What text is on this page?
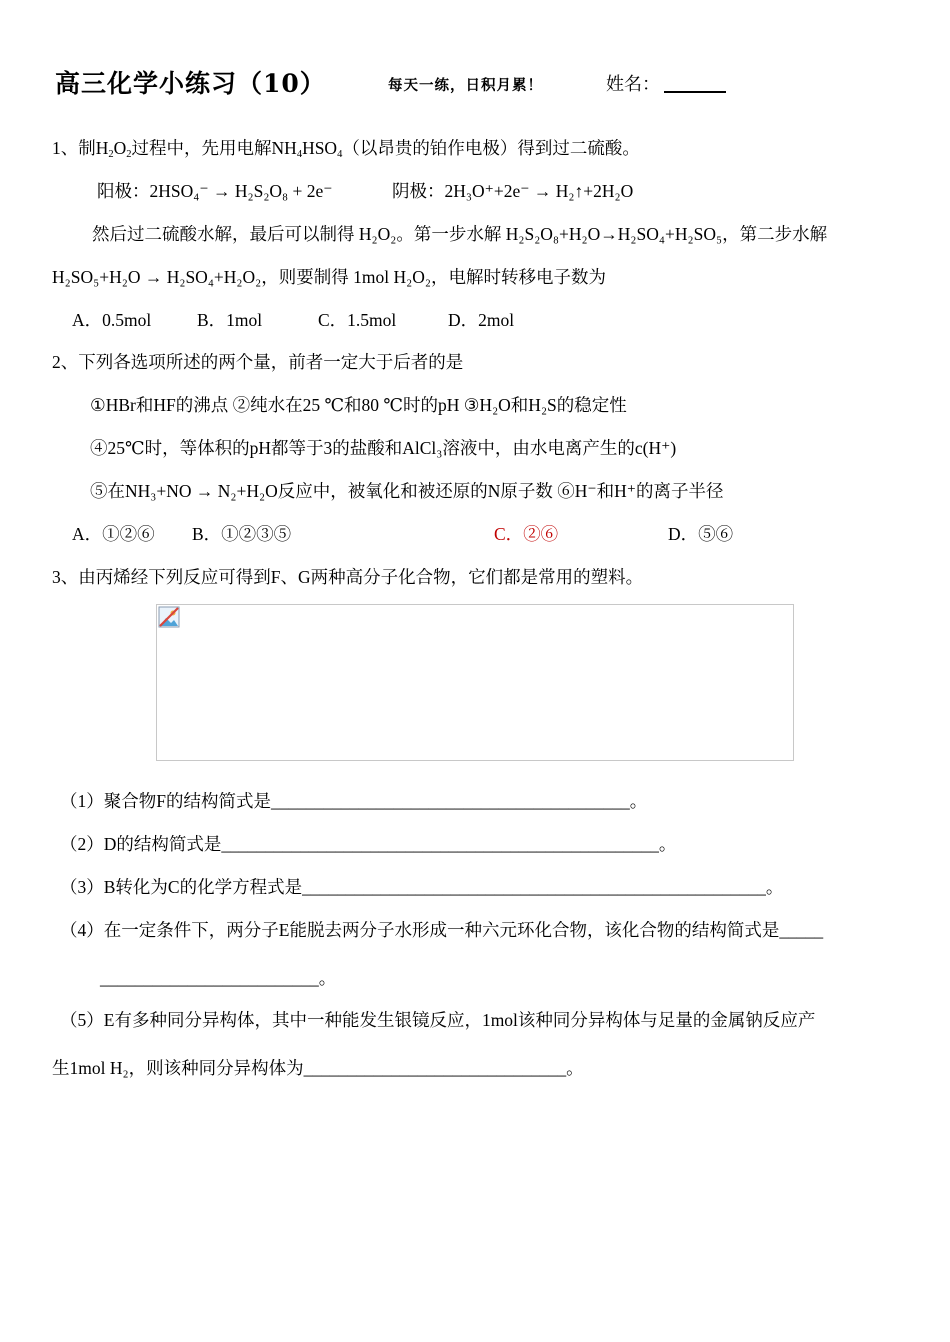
高三化学小练习（10）	每天一练，日积月累！	姓名：
1、制$H_2O_2$过程中，先用电解$NH_4HSO_4$（以昂贵的铂作电极）得到过二硫酸。
阳极：2HSO₄⁻ → H₂S₂O₈ + 2e⁻	阴极：2H₃O⁺+2e⁻ → H₂↑+2H₂O
然后过二硫酸水解，最后可以制得 H₂O₂。第一步水解 H₂S₂O₈+H₂O→H₂SO₄+H₂SO₅，第二步水解
H₂SO₅+H₂O → H₂SO₄+H₂O₂，则要制得 1mol H₂O₂，电解时转移电子数为
A．0.5mol	B．1mol	C．1.5mol	D．2mol
2、下列各选项所述的两个量，前者一定大于后者的是
①HBr和HF的沸点 ②纯水在25 ℃和80 ℃时的pH ③H₂O和H₂S的稳定性
④25℃时，等体积的pH都等于3的盐酸和AlCl₃溶液中，由水电离产生的c(H⁺)
⑤在NH₃+NO → N₂+H₂O反应中，被氧化和被还原的N原子数 ⑥H⁻和H⁺的离子半径
A．①②⑥ B．①②③⑤	C．②⑥	D．⑤⑥
3、由丙烯经下列反应可得到F、G两种高分子化合物，它们都是常用的塑料。
（1）聚合物F的结构简式是_________________________________________。
（2）D的结构简式是__________________________________________________。
（3）B转化为C的化学方程式是_____________________________________________________。
（4）在一定条件下，两分子E能脱去两分子水形成一种六元环化合物，该化合物的结构简式是_____
_________________________。
（5）E有多种同分异构体，其中一种能发生银镜反应，1mol该种同分异构体与足量的金属钠反应产
生1mol H₂，则该种同分异构体为______________________________。
